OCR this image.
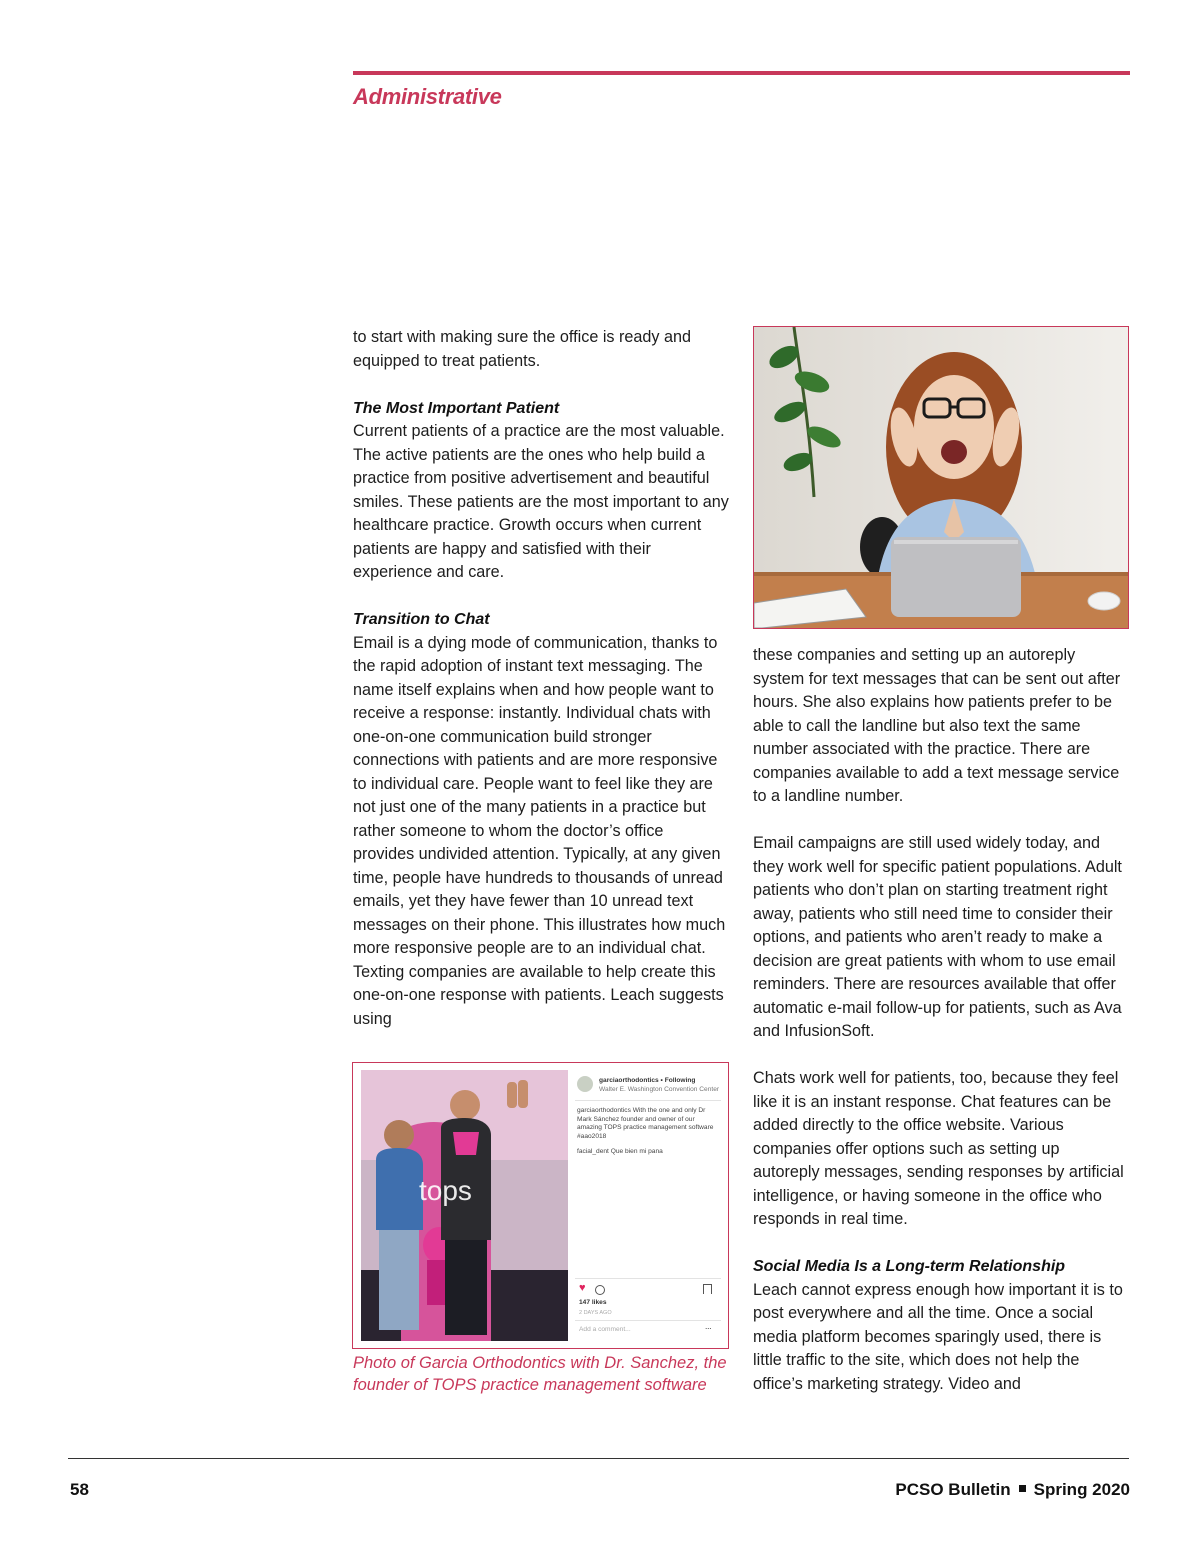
Administrative

to start with making sure the office is ready and equipped to treat patients.

The Most Important Patient

Current patients of a practice are the most valuable. The active patients are the ones who help build a practice from positive advertisement and beautiful smiles. These patients are the most important to any healthcare practice. Growth occurs when current patients are happy and satisfied with their experience and care.

Transition to Chat

Email is a dying mode of communication, thanks to the rapid adoption of instant text messaging. The name itself explains when and how people want to receive a response: instantly. Individual chats with one-on-one communication build stronger connections with patients and are more responsive to individual care. People want to feel like they are not just one of the many patients in a practice but rather someone to whom the doctor’s office provides undivided attention. Typically, at any given time, people have hundreds to thousands of unread emails, yet they have fewer than 10 unread text messages on their phone. This illustrates how much more responsive people are to an individual chat. Texting companies are available to help create this one-on-one response with patients. Leach suggests using

these companies and setting up an autoreply system for text messages that can be sent out after hours. She also explains how patients prefer to be able to call the landline but also text the same number associated with the practice. There are companies available to add a text message service to a landline number.

Email campaigns are still used widely today, and they work well for specific patient populations. Adult patients who don’t plan on starting treatment right away, patients who still need time to consider their options, and patients who aren’t ready to make a decision are great patients with whom to use email reminders. There are resources available that offer automatic e-mail follow-up for patients, such as Ava and InfusionSoft.

Chats work well for patients, too, because they feel like it is an instant response. Chat features can be added directly to the office website. Various companies offer options such as setting up autoreply messages, sending responses by artificial intelligence, or having someone in the office who responds in real time.

Social Media Is a Long-term Relationship

Leach cannot express enough how important it is to post everywhere and all the time. Once a social media platform becomes sparingly used, there is little traffic to the site, which does not help the office’s marketing strategy. Video and

tops
garciaorthodontics • Following
Walter E. Washington Convention Center
garciaorthodontics With the one and only Dr Mark Sánchez founder and owner of our amazing TOPS practice management software #aao2018
facial_dent Que bien mi pana
♥
147 likes
2 DAYS AGO
Add a comment...	…
Photo of Garcia Orthodontics with Dr. Sanchez, the founder of TOPS practice management software
58	PCSO Bulletin Spring 2020
